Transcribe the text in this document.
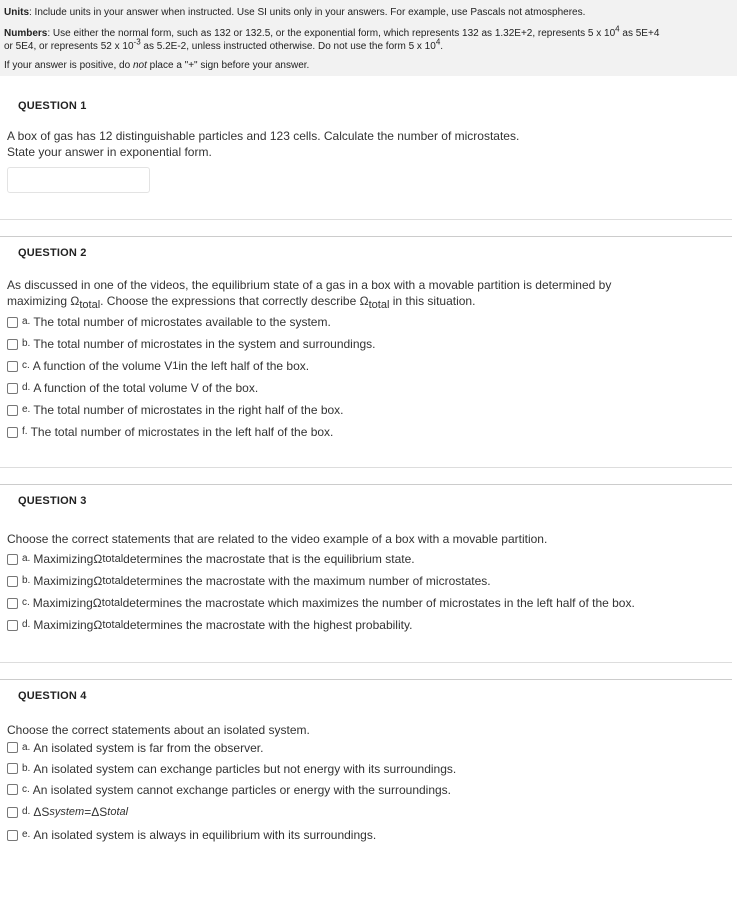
Units: Include units in your answer when instructed. Use SI units only in your answers. For example, use Pascals not atmospheres.

Numbers: Use either the normal form, such as 132 or 132.5, or the exponential form, which represents 132 as 1.32E+2, represents 5 x $10^4$ as 5E+4

or 5E4, or represents 52 x $10^{-3}$ as 5.2E-2, unless instructed otherwise. Do not use the form 5 x $10^4$.

If your answer is positive, do not place a "+" sign before your answer.

QUESTION 1

A box of gas has 12 distinguishable particles and 123 cells. Calculate the number of microstates.

State your answer in exponential form.

QUESTION 2

As discussed in one of the videos, the equilibrium state of a gas in a box with a movable partition is determined by

maximizing $\Omega_{total}$. Choose the expressions that correctly describe $\Omega_{total}$ in this situation.

a. The total number of microstates available to the system.
b. The total number of microstates in the system and surroundings.
c. A function of the volume V 1 in the left half of the box.
d. A function of the total volume V of the box.
e. The total number of microstates in the right half of the box.
f. The total number of microstates in the left half of the box.
QUESTION 3

Choose the correct statements that are related to the video example of a box with a movable partition.

a. Maximizing Ω total determines the macrostate that is the equilibrium state.
b. Maximizing Ω total determines the macrostate with the maximum number of microstates.
c. Maximizing Ω total determines the macrostate which maximizes the number of microstates in the left half of the box.
d. Maximizing Ω total determines the macrostate with the highest probability.
QUESTION 4

Choose the correct statements about an isolated system.

a. An isolated system is far from the observer.
b. An isolated system can exchange particles but not energy with its surroundings.
c. An isolated system cannot exchange particles or energy with the surroundings.
d. ΔS system = ΔS total
e. An isolated system is always in equilibrium with its surroundings.
